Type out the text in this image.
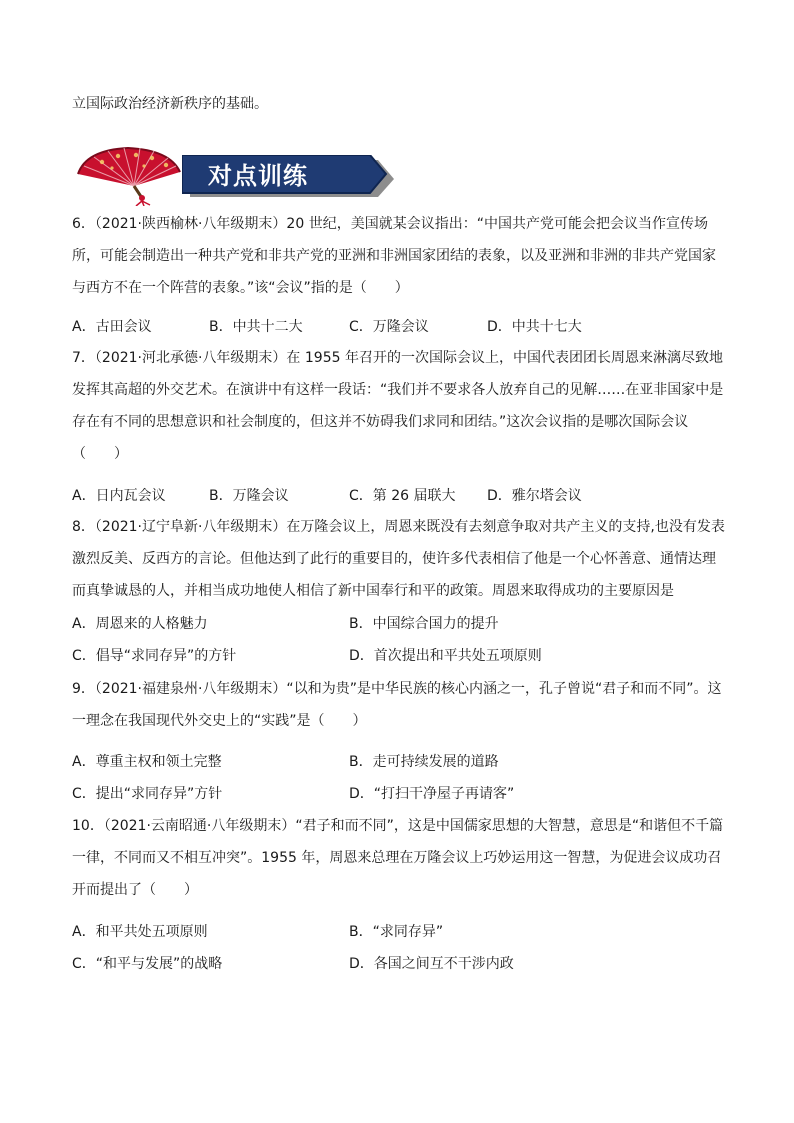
立国际政治经济新秩序的基础。
对点训练
6．（2021·陕西榆林·八年级期末）20 世纪，美国就某会议指出：“中国共产党可能会把会议当作宣传场
所，可能会制造出一种共产党和非共产党的亚洲和非洲国家团结的表象，以及亚洲和非洲的非共产党国家
与西方不在一个阵营的表象。”该“会议”指的是（　　）
A．古田会议	B．中共十二大	C．万隆会议	D．中共十七大
7．（2021·河北承德·八年级期末）在 1955 年召开的一次国际会议上，中国代表团团长周恩来淋漓尽致地
发挥其高超的外交艺术。在演讲中有这样一段话：“我们并不要求各人放弃自己的见解……在亚非国家中是
存在有不同的思想意识和社会制度的，但这并不妨碍我们求同和团结。”这次会议指的是哪次国际会议
（　　）
A．日内瓦会议	B．万隆会议	C．第 26 届联大 D．雅尔塔会议
8．（2021·辽宁阜新·八年级期末）在万隆会议上，周恩来既没有去刻意争取对共产主义的支持,也没有发表
激烈反美、反西方的言论。但他达到了此行的重要目的，使许多代表相信了他是一个心怀善意、通情达理
而真挚诚恳的人，并相当成功地使人相信了新中国奉行和平的政策。周恩来取得成功的主要原因是
A．周恩来的人格魅力	B．中国综合国力的提升
C．倡导“求同存异”的方针	D．首次提出和平共处五项原则
9．（2021·福建泉州·八年级期末）“以和为贵”是中华民族的核心内涵之一，孔子曾说“君子和而不同”。这
一理念在我国现代外交史上的“实践”是（　　）
A．尊重主权和领土完整	B．走可持续发展的道路
C．提出“求同存异”方针	D．“打扫干净屋子再请客”
10．（2021·云南昭通·八年级期末）“君子和而不同”，这是中国儒家思想的大智慧，意思是“和谐但不千篇
一律，不同而又不相互冲突”。1955 年，周恩来总理在万隆会议上巧妙运用这一智慧，为促进会议成功召
开而提出了（　　）
A．和平共处五项原则	B．“求同存异”
C．“和平与发展”的战略	D．各国之间互不干涉内政
